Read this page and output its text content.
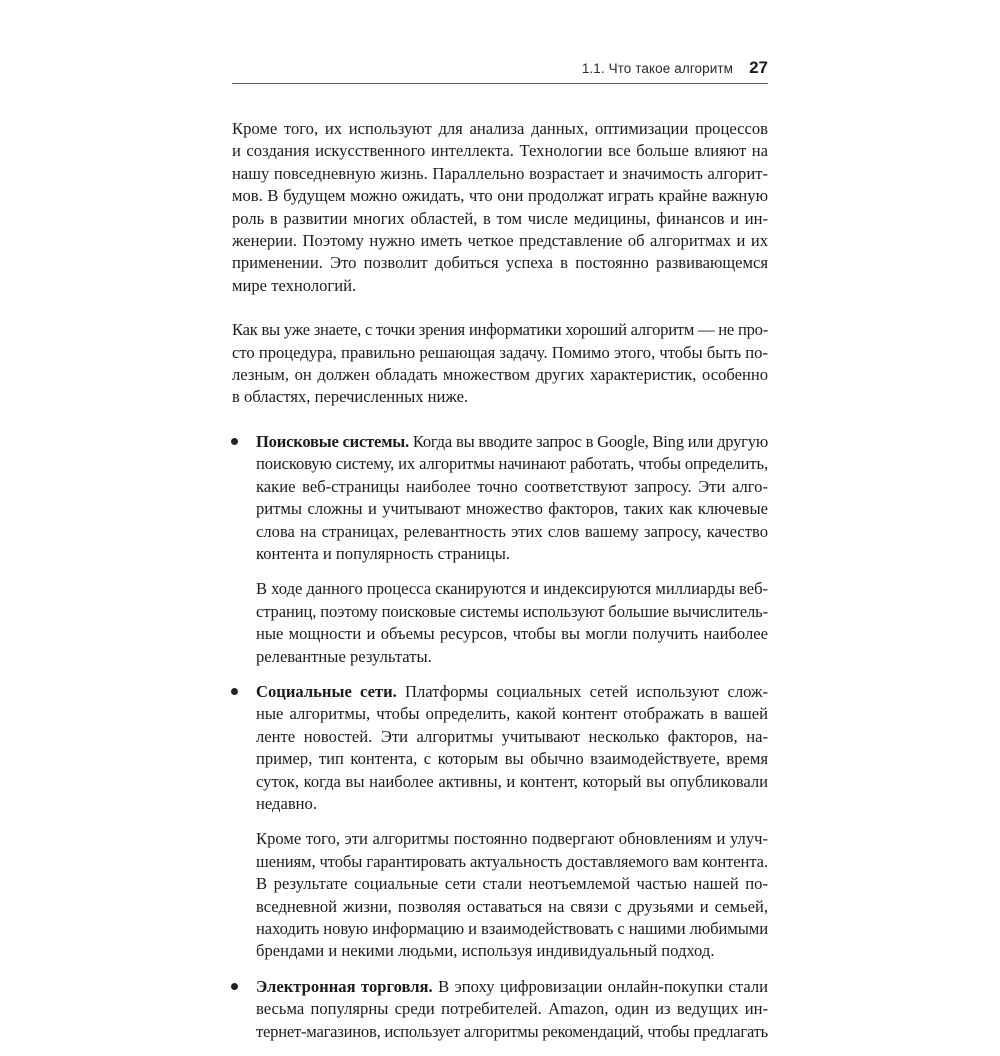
1.1. Что такое алгоритм 27

Кроме того, их используют для анализа данных, оптимизации процессов
и создания искусственного интеллекта. Технологии все больше влияют на
нашу повседневную жизнь. Параллельно возрастает и значимость алгорит-
мов. В будущем можно ожидать, что они продолжат играть крайне важную
роль в развитии многих областей, в том числе медицины, финансов и ин-
женерии. Поэтому нужно иметь четкое представление об алгоритмах и их
применении. Это позволит добиться успеха в постоянно развивающемся
мире технологий.

Как вы уже знаете, с точки зрения информатики хороший алгоритм — не про-
сто процедура, правильно решающая задачу. Помимо этого, чтобы быть по-
лезным, он должен обладать множеством других характеристик, особенно
в областях, перечисленных ниже.

Поисковые системы. Когда вы вводите запрос в Google, Bing или другую
поисковую систему, их алгоритмы начинают работать, чтобы определить,
какие веб-страницы наиболее точно соответствуют запросу. Эти алго-
ритмы сложны и учитывают множество факторов, таких как ключевые
слова на страницах, релевантность этих слов вашему запросу, качество
контента и популярность страницы.

В ходе данного процесса сканируются и индексируются миллиарды веб-
страниц, поэтому поисковые системы используют большие вычислитель-
ные мощности и объемы ресурсов, чтобы вы могли получить наиболее
релевантные результаты.

Социальные сети. Платформы социальных сетей используют слож-
ные алгоритмы, чтобы определить, какой контент отображать в вашей
ленте новостей. Эти алгоритмы учитывают несколько факторов, на-
пример, тип контента, с которым вы обычно взаимодействуете, время
суток, когда вы наиболее активны, и контент, который вы опубликовали
недавно.

Кроме того, эти алгоритмы постоянно подвергают обновлениям и улуч-
шениям, чтобы гарантировать актуальность доставляемого вам контента.
В результате социальные сети стали неотъемлемой частью нашей по-
вседневной жизни, позволяя оставаться на связи с друзьями и семьей,
находить новую информацию и взаимодействовать с нашими любимыми
брендами и некими людьми, используя индивидуальный подход.

Электронная торговля. В эпоху цифровизации онлайн-покупки стали
весьма популярны среди потребителей. Amazon, один из ведущих ин-
тернет-магазинов, использует алгоритмы рекомендаций, чтобы предлагать
